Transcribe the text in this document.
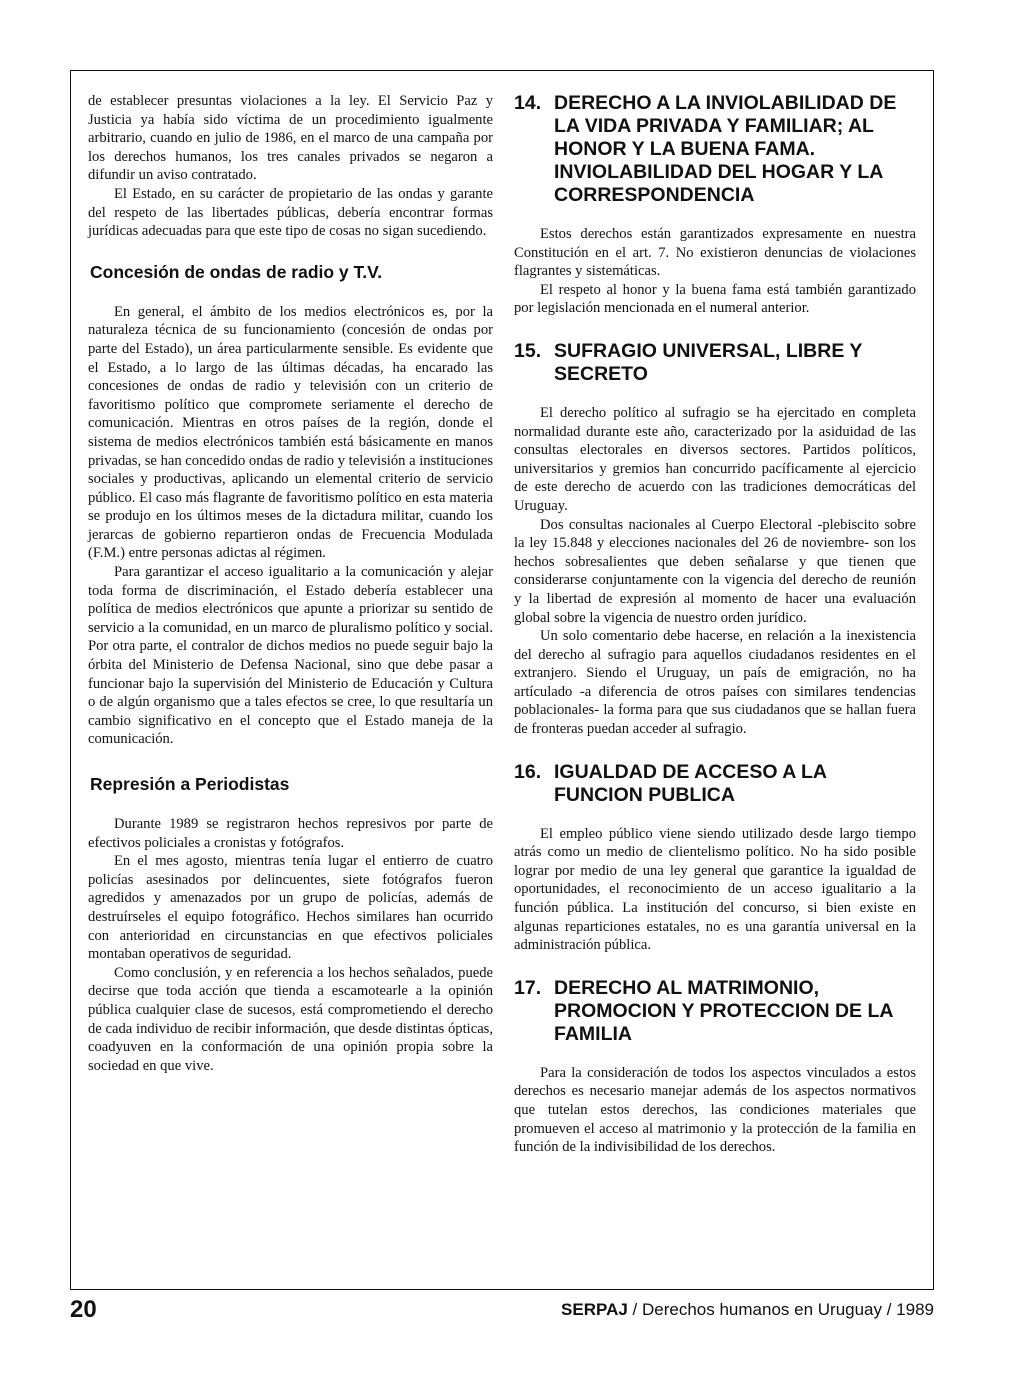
de establecer presuntas violaciones a la ley. El Servicio Paz y Justicia ya había sido víctima de un procedimiento igualmente arbitrario, cuando en julio de 1986, en el marco de una campaña por los derechos humanos, los tres canales privados se negaron a difundir un aviso contratado.

El Estado, en su carácter de propietario de las ondas y garante del respeto de las libertades públicas, debería encontrar formas jurídicas adecuadas para que este tipo de cosas no sigan sucediendo.

Concesión de ondas de radio y T.V.

En general, el ámbito de los medios electrónicos es, por la naturaleza técnica de su funcionamiento (concesión de ondas por parte del Estado), un área particularmente sensible. Es evidente que el Estado, a lo largo de las últimas décadas, ha encarado las concesiones de ondas de radio y televisión con un criterio de favoritismo político que compromete seriamente el derecho de comunicación. Mientras en otros países de la región, donde el sistema de medios electrónicos también está básicamente en manos privadas, se han concedido ondas de radio y televisión a instituciones sociales y productivas, aplicando un elemental criterio de servicio público. El caso más flagrante de favoritismo político en esta materia se produjo en los últimos meses de la dictadura militar, cuando los jerarcas de gobierno repartieron ondas de Frecuencia Modulada (F.M.) entre personas adictas al régimen.

Para garantizar el acceso igualitario a la comunicación y alejar toda forma de discriminación, el Estado debería establecer una política de medios electrónicos que apunte a priorizar su sentido de servicio a la comunidad, en un marco de pluralismo político y social. Por otra parte, el contralor de dichos medios no puede seguir bajo la órbita del Ministerio de Defensa Nacional, sino que debe pasar a funcionar bajo la supervisión del Ministerio de Educación y Cultura o de algún organismo que a tales efectos se cree, lo que resultaría un cambio significativo en el concepto que el Estado maneja de la comunicación.

Represión a Periodistas

Durante 1989 se registraron hechos represivos por parte de efectivos policiales a cronistas y fotógrafos.

En el mes agosto, mientras tenía lugar el entierro de cuatro policías asesinados por delincuentes, siete fotógrafos fueron agredidos y amenazados por un grupo de policías, además de destruírseles el equipo fotográfico. Hechos similares han ocurrido con anterioridad en circunstancias en que efectivos policiales montaban operativos de seguridad.

Como conclusión, y en referencia a los hechos señalados, puede decirse que toda acción que tienda a escamotearle a la opinión pública cualquier clase de sucesos, está comprometiendo el derecho de cada individuo de recibir información, que desde distintas ópticas, coadyuven en la conformación de una opinión propia sobre la sociedad en que vive.

14. DERECHO A LA INVIOLABILIDAD DE LA VIDA PRIVADA Y FAMILIAR; AL HONOR Y LA BUENA FAMA. INVIOLABILIDAD DEL HOGAR Y LA CORRESPONDENCIA

Estos derechos están garantizados expresamente en nuestra Constitución en el art. 7. No existieron denuncias de violaciones flagrantes y sistemáticas.

El respeto al honor y la buena fama está también garantizado por legislación mencionada en el numeral anterior.

15. SUFRAGIO UNIVERSAL, LIBRE Y SECRETO

El derecho político al sufragio se ha ejercitado en completa normalidad durante este año, caracterizado por la asiduidad de las consultas electorales en diversos sectores. Partidos políticos, universitarios y gremios han concurrido pacíficamente al ejercicio de este derecho de acuerdo con las tradiciones democráticas del Uruguay.

Dos consultas nacionales al Cuerpo Electoral -plebiscito sobre la ley 15.848 y elecciones nacionales del 26 de noviembre- son los hechos sobresalientes que deben señalarse y que tienen que considerarse conjuntamente con la vigencia del derecho de reunión y la libertad de expresión al momento de hacer una evaluación global sobre la vigencia de nuestro orden jurídico.

Un solo comentario debe hacerse, en relación a la inexistencia del derecho al sufragio para aquellos ciudadanos residentes en el extranjero. Siendo el Uruguay, un país de emigración, no ha artículado -a diferencia de otros países con similares tendencias poblacionales- la forma para que sus ciudadanos que se hallan fuera de fronteras puedan acceder al sufragio.

16. IGUALDAD DE ACCESO A LA FUNCION PUBLICA

El empleo público viene siendo utilizado desde largo tiempo atrás como un medio de clientelismo político. No ha sido posible lograr por medio de una ley general que garantice la igualdad de oportunidades, el reconocimiento de un acceso igualitario a la función pública. La institución del concurso, si bien existe en algunas reparticiones estatales, no es una garantía universal en la administración pública.

17. DERECHO AL MATRIMONIO, PROMOCION Y PROTECCION DE LA FAMILIA

Para la consideración de todos los aspectos vinculados a estos derechos es necesario manejar además de los aspectos normativos que tutelan estos derechos, las condiciones materiales que promueven el acceso al matrimonio y la protección de la familia en función de la indivisibilidad de los derechos.

20	SERPAJ / Derechos humanos en Uruguay / 1989
